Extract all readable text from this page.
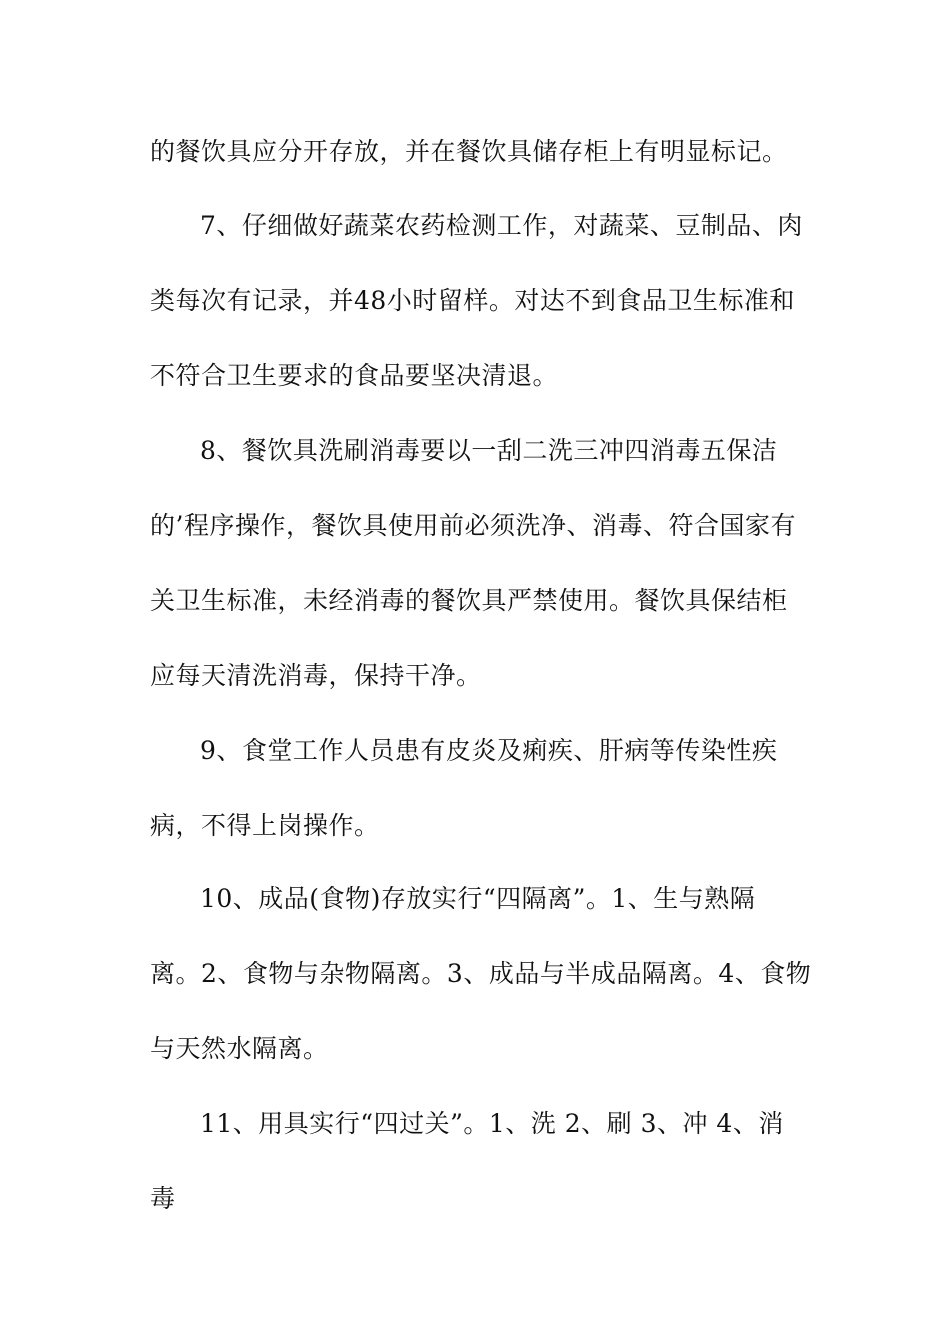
的餐饮具应分开存放，并在餐饮具储存柜上有明显标记。
7、仔细做好蔬菜农药检测工作，对蔬菜、豆制品、肉
类每次有记录，并48小时留样。对达不到食品卫生标准和
不符合卫生要求的食品要坚决清退。
8、餐饮具洗刷消毒要以一刮二洗三冲四消毒五保洁
的’程序操作，餐饮具使用前必须洗净、消毒、符合国家有
关卫生标准，未经消毒的餐饮具严禁使用。餐饮具保结柜
应每天清洗消毒，保持干净。
9、食堂工作人员患有皮炎及痢疾、肝病等传染性疾
病，不得上岗操作。
10、成品(食物)存放实行“四隔离”。1、生与熟隔
离。2、食物与杂物隔离。3、成品与半成品隔离。4、食物
与天然水隔离。
11、用具实行“四过关”。1、洗 2、刷 3、冲 4、消
毒
